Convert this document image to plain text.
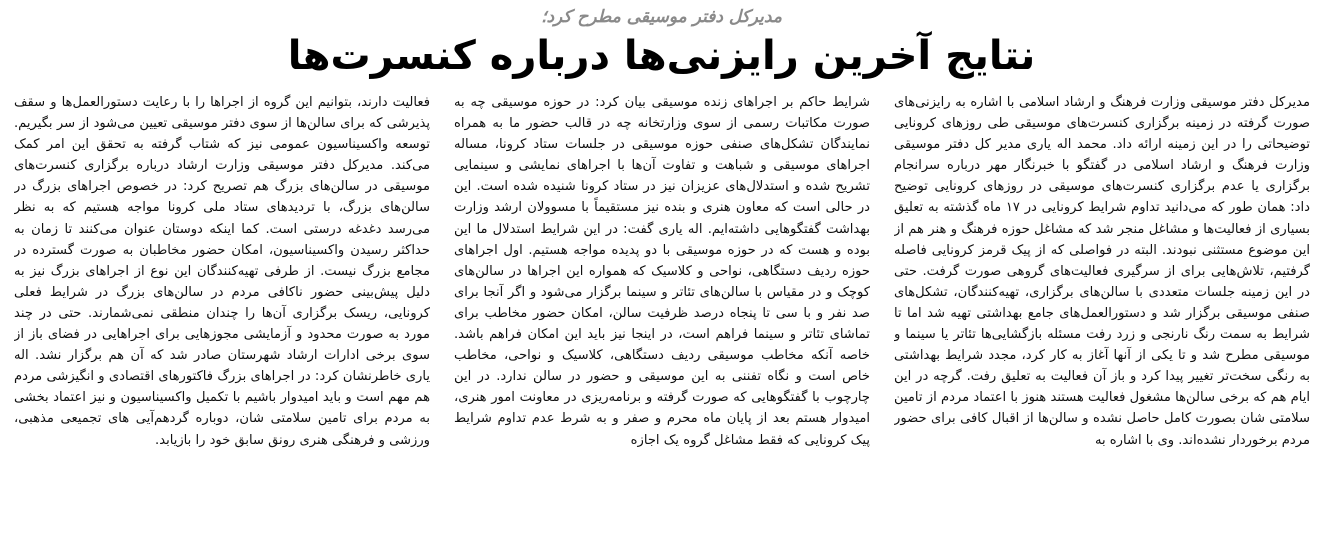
مدیرکل دفتر موسیقی مطرح کرد؛
نتایج آخرین رایزنی‌ها درباره کنسرت‌ها

مدیرکل دفتر موسیقی وزارت فرهنگ و ارشاد اسلامی با اشاره به رایزنی‌های صورت گرفته در زمینه برگزاری کنسرت‌های موسیقی طی روزهای کرونایی توضیحاتی را در این زمینه ارائه داد. محمد اله یاری مدیر کل دفتر موسیقی وزارت فرهنگ و ارشاد اسلامی در گفتگو با خبرنگار مهر درباره سرانجام برگزاری یا عدم برگزاری کنسرت‌های موسیقی در روزهای کرونایی توضیح داد: همان طور که می‌دانید تداوم شرایط کرونایی در ۱۷ ماه گذشته به تعلیق بسیاری از فعالیت‌ها و مشاغل منجر شد که مشاغل حوزه فرهنگ و هنر هم از این موضوع مستثنی نبودند. البته در فواصلی که از پیک قرمز کرونایی فاصله گرفتیم، تلاش‌هایی برای از سرگیری فعالیت‌های گروهی صورت گرفت. حتی در این زمینه جلسات متعددی با سالن‌های برگزاری، تهیه‌کنندگان، تشکل‌های صنفی موسیقی برگزار شد و دستورالعمل‌های جامع بهداشتی تهیه شد اما تا شرایط به سمت رنگ نارنجی و زرد رفت مسئله بازگشایی‌ها تئاتر یا سینما و موسیقی مطرح شد و تا یکی از آنها آغاز به کار کرد، مجدد شرایط بهداشتی به رنگی سخت‌تر تغییر پیدا کرد و باز آن فعالیت به تعلیق رفت. گرچه در این ایام هم که برخی سالن‌ها مشغول فعالیت هستند هنوز با اعتماد مردم از تامین سلامتی شان بصورت کامل حاصل نشده و سالن‌ها از اقبال کافی برای حضور مردم برخوردار نشده‌اند. وی با اشاره به

شرایط حاکم بر اجراهای زنده موسیقی بیان کرد: در حوزه موسیقی چه به صورت مکاتبات رسمی از سوی وزارتخانه چه در قالب حضور ما به همراه نمایندگان تشکل‌های صنفی حوزه موسیقی در جلسات ستاد کرونا، مساله اجراهای موسیقی و شباهت و تفاوت آن‌ها با اجراهای نمایشی و سینمایی تشریح شده و استدلال‌های عزیزان نیز در ستاد کرونا شنیده شده است. این در حالی است که معاون هنری و بنده نیز مستقیماً با مسوولان ارشد وزارت بهداشت گفتگوهایی داشته‌ایم. اله یاری گفت: در این شرایط استدلال ما این بوده و هست که در حوزه موسیقی با دو پدیده مواجه هستیم. اول اجراهای حوزه ردیف دستگاهی، نواحی و کلاسیک که همواره این اجراها در سالن‌های کوچک و در مقیاس با سالن‌های تئاتر و سینما برگزار می‌شود و اگر آنجا برای صد نفر و با سی تا پنجاه درصد ظرفیت سالن، امکان حضور مخاطب برای تماشای تئاتر و سینما فراهم است، در اینجا نیز باید این امکان فراهم باشد. خاصه آنکه مخاطب موسیقی ردیف دستگاهی، کلاسیک و نواحی، مخاطب خاص است و نگاه تفننی به این موسیقی و حضور در سالن ندارد. در این چارچوب با گفتگوهایی که صورت گرفته و برنامه‌ریزی در معاونت امور هنری، امیدوار هستم بعد از پایان ماه محرم و صفر و به شرط عدم تداوم شرایط پیک کرونایی که فقط مشاغل گروه یک اجازه

فعالیت دارند، بتوانیم این گروه از اجراها را با رعایت دستورالعمل‌ها و سقف پذیرشی که برای سالن‌ها از سوی دفتر موسیقی تعیین می‌شود از سر بگیریم. توسعه واکسیناسیون عمومی نیز که شتاب گرفته به تحقق این امر کمک می‌کند. مدیرکل دفتر موسیقی وزارت ارشاد درباره برگزاری کنسرت‌های موسیقی در سالن‌های بزرگ هم تصریح کرد: در خصوص اجراهای بزرگ در سالن‌های بزرگ، با تردیدهای ستاد ملی کرونا مواجه هستیم که به نظر می‌رسد دغدغه درستی است. کما اینکه دوستان عنوان می‌کنند تا زمان به حداکثر رسیدن واکسیناسیون، امکان حضور مخاطبان به صورت گسترده در مجامع بزرگ نیست. از طرفی تهیه‌کنندگان این نوع از اجراهای بزرگ نیز به دلیل پیش‌بینی حضور ناکافی مردم در سالن‌های بزرگ در شرایط فعلی کرونایی، ریسک برگزاری آن‌ها را چندان منطقی نمی‌شمارند. حتی در چند مورد به صورت محدود و آزمایشی مجوزهایی برای اجراهایی در فضای باز از سوی برخی ادارات ارشاد شهرستان صادر شد که آن هم برگزار نشد. اله یاری خاطرنشان کرد: در اجراهای بزرگ فاکتورهای اقتصادی و انگیزشی مردم هم مهم است و باید امیدوار باشیم با تکمیل واکسیناسیون و نیز اعتماد بخشی به مردم برای تامین سلامتی شان، دوباره گردهم‌آیی های تجمیعی مذهبی، ورزشی و فرهنگی هنری رونق سابق خود را بازیابد.
